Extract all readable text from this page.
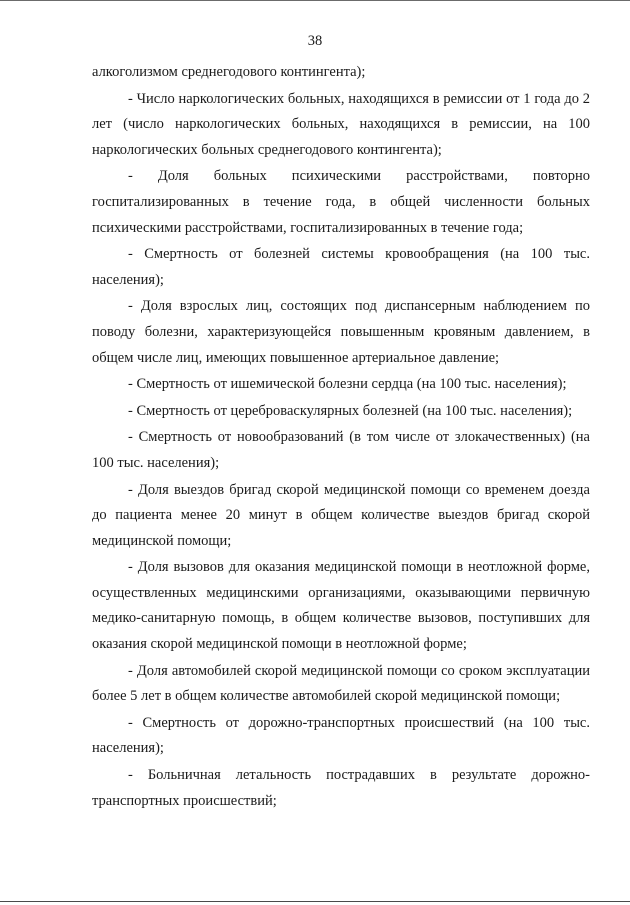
38

алкоголизмом среднегодового контингента);

- Число наркологических больных, находящихся в ремиссии от 1 года до 2 лет (число наркологических больных, находящихся в ремиссии, на 100 наркологических больных среднегодового контингента);

- Доля больных психическими расстройствами, повторно госпитализированных в течение года, в общей численности больных психическими расстройствами, госпитализированных в течение года;

- Смертность от болезней системы кровообращения (на 100 тыс. населения);

- Доля взрослых лиц, состоящих под диспансерным наблюдением по поводу болезни, характеризующейся повышенным кровяным давлением, в общем числе лиц, имеющих повышенное артериальное давление;

- Смертность от ишемической болезни сердца (на 100 тыс. населения);

- Смертность от цереброваскулярных болезней (на 100 тыс. населения);

- Смертность от новообразований (в том числе от злокачественных) (на 100 тыс. населения);

- Доля выездов бригад скорой медицинской помощи со временем доезда до пациента менее 20 минут в общем количестве выездов бригад скорой медицинской помощи;

- Доля вызовов для оказания медицинской помощи в неотложной форме, осуществленных медицинскими организациями, оказывающими первичную медико-санитарную помощь, в общем количестве вызовов, поступивших для оказания скорой медицинской помощи в неотложной форме;

- Доля автомобилей скорой медицинской помощи со сроком эксплуатации более 5 лет в общем количестве автомобилей скорой медицинской помощи;

- Смертность от дорожно-транспортных происшествий (на 100 тыс. населения);

- Больничная летальность пострадавших в результате дорожно-транспортных происшествий;
